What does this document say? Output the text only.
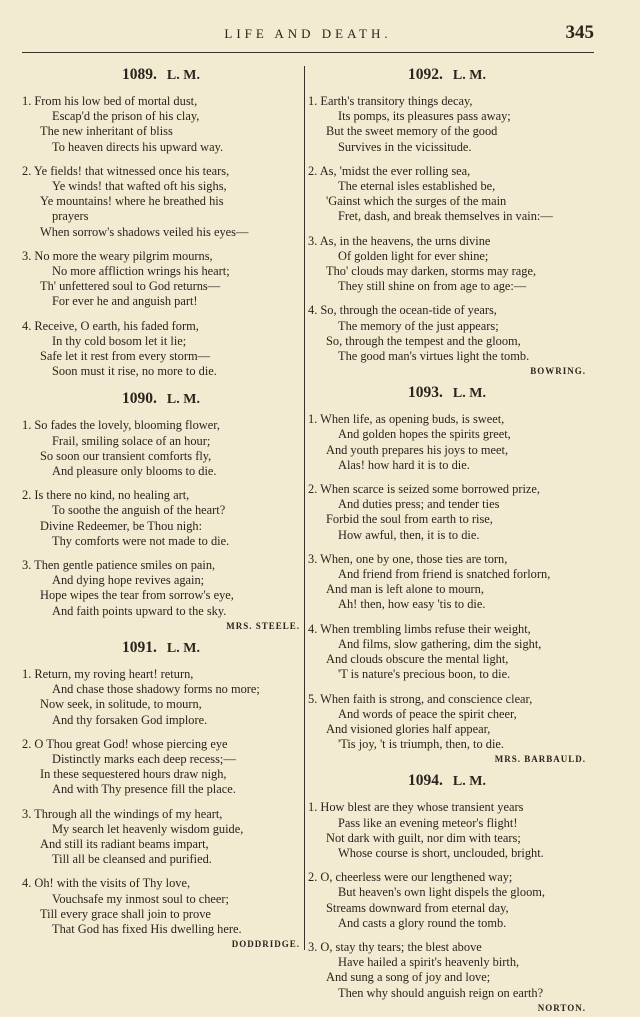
LIFE AND DEATH.	345
1089. L. M.
1. From his low bed of mortal dust,
Escap'd the prison of his clay,
The new inheritant of bliss
To heaven directs his upward way.
2. Ye fields! that witnessed once his tears,
Ye winds! that wafted oft his sighs,
Ye mountains! where he breathed his
prayers
When sorrow's shadows veiled his eyes—
3. No more the weary pilgrim mourns,
No more affliction wrings his heart;
Th' unfettered soul to God returns—
For ever he and anguish part!
4. Receive, O earth, his faded form,
In thy cold bosom let it lie;
Safe let it rest from every storm—
Soon must it rise, no more to die.
1090. L. M.
1. So fades the lovely, blooming flower,
Frail, smiling solace of an hour;
So soon our transient comforts fly,
And pleasure only blooms to die.
2. Is there no kind, no healing art,
To soothe the anguish of the heart?
Divine Redeemer, be Thou nigh:
Thy comforts were not made to die.
3. Then gentle patience smiles on pain,
And dying hope revives again;
Hope wipes the tear from sorrow's eye,
And faith points upward to the sky.
MRS. STEELE.
1091. L. M.
1. Return, my roving heart! return,
And chase those shadowy forms no more;
Now seek, in solitude, to mourn,
And thy forsaken God implore.
2. O Thou great God! whose piercing eye
Distinctly marks each deep recess;—
In these sequestered hours draw nigh,
And with Thy presence fill the place.
3. Through all the windings of my heart,
My search let heavenly wisdom guide,
And still its radiant beams impart,
Till all be cleansed and purified.
4. Oh! with the visits of Thy love,
Vouchsafe my inmost soul to cheer;
Till every grace shall join to prove
That God has fixed His dwelling here.
DODDRIDGE.
1092. L. M.
1. Earth's transitory things decay,
Its pomps, its pleasures pass away;
But the sweet memory of the good
Survives in the vicissitude.
2. As, 'midst the ever rolling sea,
The eternal isles established be,
'Gainst which the surges of the main
Fret, dash, and break themselves in vain:—
3. As, in the heavens, the urns divine
Of golden light for ever shine;
Tho' clouds may darken, storms may rage,
They still shine on from age to age:—
4. So, through the ocean-tide of years,
The memory of the just appears;
So, through the tempest and the gloom,
The good man's virtues light the tomb.
BOWRING.
1093. L. M.
1. When life, as opening buds, is sweet,
And golden hopes the spirits greet,
And youth prepares his joys to meet,
Alas! how hard it is to die.
2. When scarce is seized some borrowed prize,
And duties press; and tender ties
Forbid the soul from earth to rise,
How awful, then, it is to die.
3. When, one by one, those ties are torn,
And friend from friend is snatched forlorn,
And man is left alone to mourn,
Ah! then, how easy 'tis to die.
4. When trembling limbs refuse their weight,
And films, slow gathering, dim the sight,
And clouds obscure the mental light,
'T is nature's precious boon, to die.
5. When faith is strong, and conscience clear,
And words of peace the spirit cheer,
And visioned glories half appear,
'Tis joy, 't is triumph, then, to die.
MRS. BARBAULD.
1094. L. M.
1. How blest are they whose transient years
Pass like an evening meteor's flight!
Not dark with guilt, nor dim with tears;
Whose course is short, unclouded, bright.
2. O, cheerless were our lengthened way;
But heaven's own light dispels the gloom,
Streams downward from eternal day,
And casts a glory round the tomb.
3. O, stay thy tears; the blest above
Have hailed a spirit's heavenly birth,
And sung a song of joy and love;
Then why should anguish reign on earth?
NORTON.
